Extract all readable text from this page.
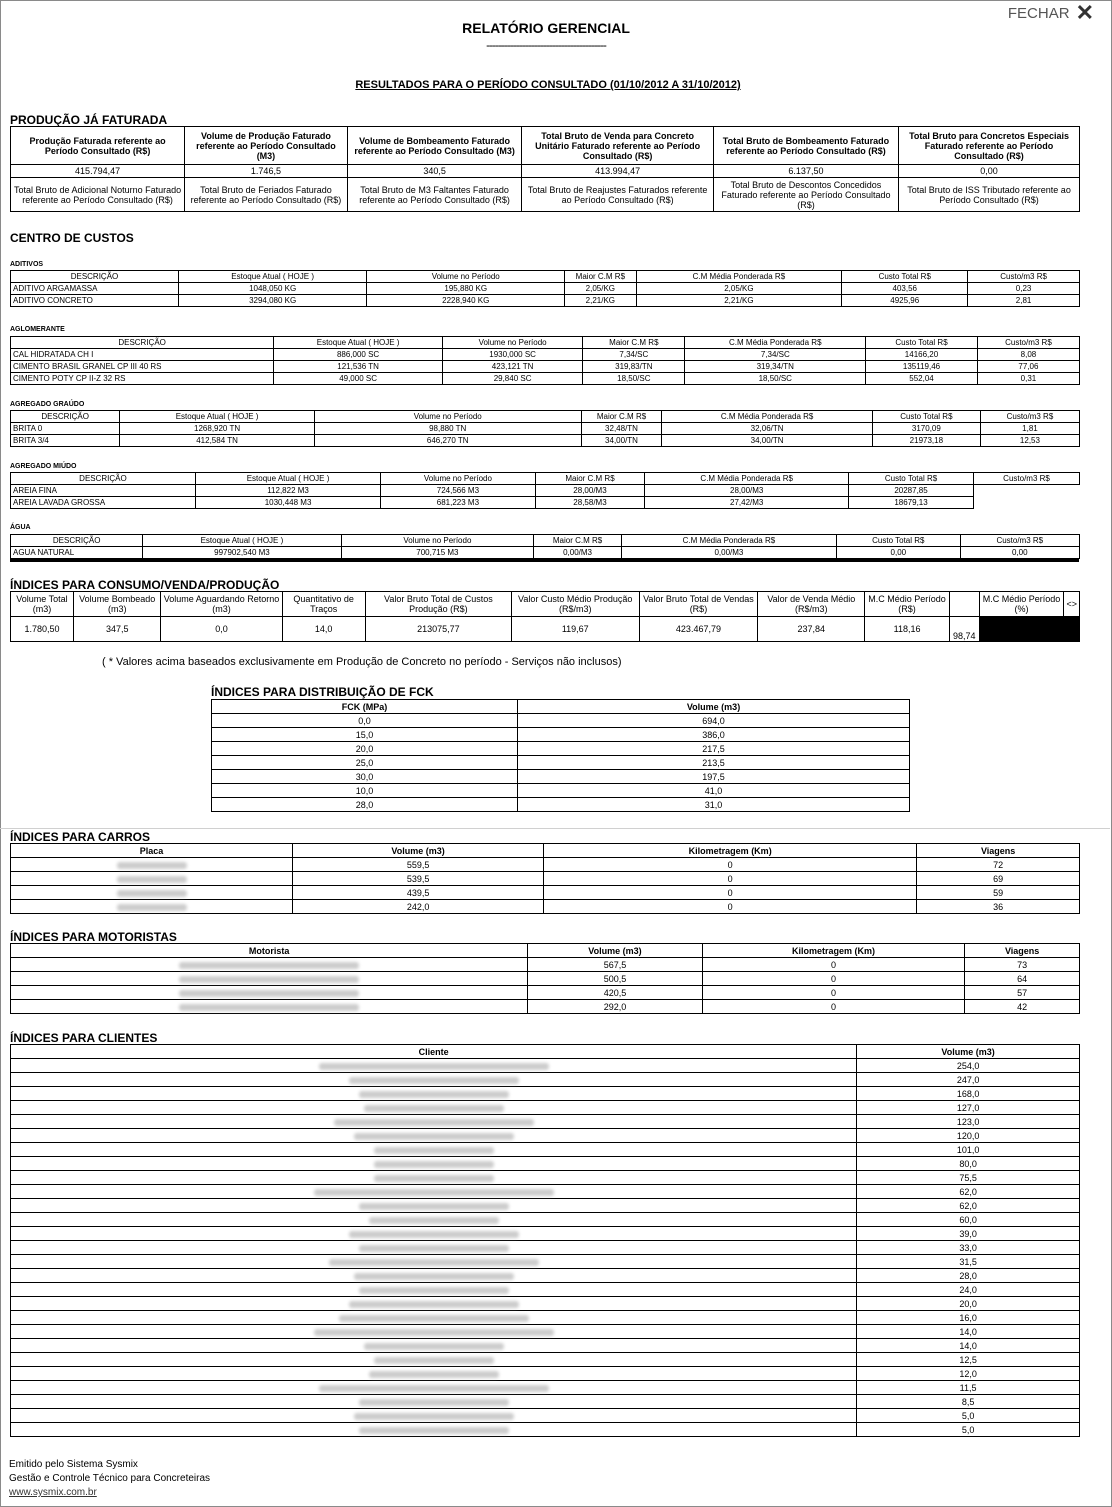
FECHAR ✕
RELATÓRIO GERENCIAL
----------------------------------------
RESULTADOS PARA O PERÍODO CONSULTADO (01/10/2012 A 31/10/2012)
PRODUÇÃO JÁ FATURADA
Produção Faturada referente ao Período Consultado (R$)	Volume de Produção Faturado referente ao Período Consultado (M3)	Volume de Bombeamento Faturado referente ao Período Consultado (M3)	Total Bruto de Venda para Concreto Unitário Faturado referente ao Período Consultado (R$)	Total Bruto de Bombeamento Faturado referente ao Período Consultado (R$)	Total Bruto para Concretos Especiais Faturado referente ao Período Consultado (R$)
415.794,47	1.746,5	340,5	413.994,47	6.137,50	0,00
Total Bruto de Adicional Noturno Faturado referente ao Período Consultado (R$)	Total Bruto de Feriados Faturado referente ao Período Consultado (R$)	Total Bruto de M3 Faltantes Faturado referente ao Período Consultado (R$)	Total Bruto de Reajustes Faturados referente ao Período Consultado (R$)	Total Bruto de Descontos Concedidos Faturado referente ao Período Consultado (R$)	Total Bruto de ISS Tributado referente ao Período Consultado (R$)
CENTRO DE CUSTOS
ADITIVOS
DESCRIÇÃO	Estoque Atual ( HOJE )	Volume no Período	Maior C.M R$	C.M Média Ponderada R$	Custo Total R$	Custo/m3 R$
ADITIVO ARGAMASSA	1048,050 KG	195,880 KG	2,05/KG	2,05/KG	403,56	0,23
ADITIVO CONCRETO	3294,080 KG	2228,940 KG	2,21/KG	2,21/KG	4925,96	2,81
AGLOMERANTE
DESCRIÇÃO	Estoque Atual ( HOJE )	Volume no Período	Maior C.M R$	C.M Média Ponderada R$	Custo Total R$	Custo/m3 R$
CAL HIDRATADA CH I	886,000 SC	1930,000 SC	7,34/SC	7,34/SC	14166,20	8,08
CIMENTO BRASIL GRANEL CP III 40 RS	121,536 TN	423,121 TN	319,83/TN	319,34/TN	135119,46	77,06
CIMENTO POTY CP II-Z 32 RS	49,000 SC	29,840 SC	18,50/SC	18,50/SC	552,04	0,31
AGREGADO GRAÚDO
DESCRIÇÃO	Estoque Atual ( HOJE )	Volume no Período	Maior C.M R$	C.M Média Ponderada R$	Custo Total R$	Custo/m3 R$
BRITA 0	1268,920 TN	98,880 TN	32,48/TN	32,06/TN	3170,09	1,81
BRITA 3/4	412,584 TN	646,270 TN	34,00/TN	34,00/TN	21973,18	12,53
AGREGADO MIÚDO
DESCRIÇÃO	Estoque Atual ( HOJE )	Volume no Período	Maior C.M R$	C.M Média Ponderada R$	Custo Total R$	Custo/m3 R$
AREIA FINA	112,822 M3	724,566 M3	28,00/M3	28,00/M3	20287,85	
AREIA LAVADA GROSSA	1030,448 M3	681,223 M3	28,58/M3	27,42/M3	18679,13	
ÁGUA
DESCRIÇÃO	Estoque Atual ( HOJE )	Volume no Período	Maior C.M R$	C.M Média Ponderada R$	Custo Total R$	Custo/m3 R$
AGUA NATURAL	997902,540 M3	700,715 M3	0,00/M3	0,00/M3	0,00	0,00
ÍNDICES PARA CONSUMO/VENDA/PRODUÇÃO
Volume Total (m3)	Volume Bombeado (m3)	Volume Aguardando Retorno (m3)	Quantitativo de Traços	Valor Bruto Total de Custos Produção (R$)	Valor Custo Médio Produção (R$/m3)	Valor Bruto Total de Vendas (R$)	Valor de Venda Médio (R$/m3)	M.C Médio Período (R$)		M.C Médio Período (%)	<>
1.780,50	347,5	0,0	14,0	213075,77	119,67	423.467,79	237,84	118,16	98,74		
( * Valores acima baseados exclusivamente em Produção de Concreto no período - Serviços não inclusos)
ÍNDICES PARA DISTRIBUIÇÃO DE FCK
FCK (MPa)	Volume (m3)
0,0	694,0
15,0	386,0
20,0	217,5
25,0	213,5
30,0	197,5
10,0	41,0
28,0	31,0
ÍNDICES PARA CARROS
Placa	Volume (m3)	Kilometragem (Km)	Viagens
	559,5	0	72
	539,5	0	69
	439,5	0	59
	242,0	0	36
ÍNDICES PARA MOTORISTAS
Motorista	Volume (m3)	Kilometragem (Km)	Viagens
	567,5	0	73
	500,5	0	64
	420,5	0	57
	292,0	0	42
ÍNDICES PARA CLIENTES
Cliente	Volume (m3)
	254,0
	247,0
	168,0
	127,0
	123,0
	120,0
	101,0
	80,0
	75,5
	62,0
	62,0
	60,0
	39,0
	33,0
	31,5
	28,0
	24,0
	20,0
	16,0
	14,0
	14,0
	12,5
	12,0
	11,5
	8,5
	5,0
	5,0
Emitido pelo Sistema Sysmix
Gestão e Controle Técnico para Concreteiras
www.sysmix.com.br
